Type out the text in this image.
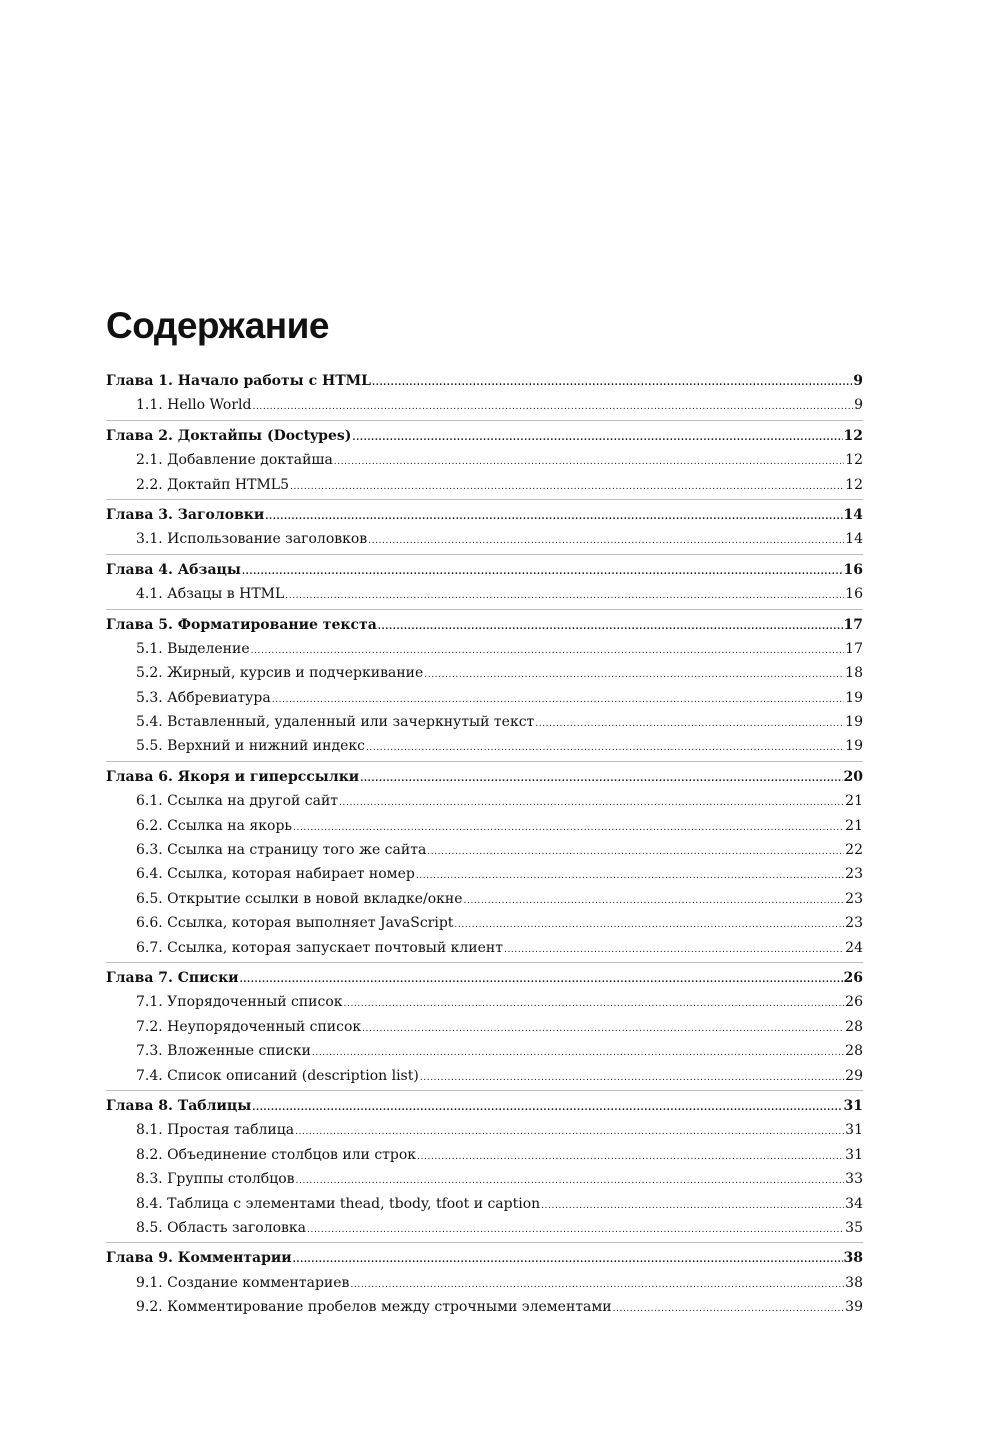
Содержание
Глава 1. Начало работы с HTML .....	9
1.1. Hello World .....	9
Глава 2. Доктайпы (Doctypes) .....	12
2.1. Добавление доктайша .....	12
2.2. Доктайп HTML5 .....	12
Глава 3. Заголовки .....	14
3.1. Использование заголовков .....	14
Глава 4. Абзацы .....	16
4.1. Абзацы в HTML .....	16
Глава 5. Форматирование текста .....	17
5.1. Выделение .....	17
5.2. Жирный, курсив и подчеркивание .....	18
5.3. Аббревиатура .....	19
5.4. Вставленный, удаленный или зачеркнутый текст .....	19
5.5. Верхний и нижний индекс .....	19
Глава 6. Якоря и гиперссылки .....	20
6.1. Ссылка на другой сайт .....	21
6.2. Ссылка на якорь .....	21
6.3. Ссылка на страницу того же сайта .....	22
6.4. Ссылка, которая набирает номер .....	23
6.5. Открытие ссылки в новой вкладке/окне .....	23
6.6. Ссылка, которая выполняет JavaScript .....	23
6.7. Ссылка, которая запускает почтовый клиент .....	24
Глава 7. Списки .....	26
7.1. Упорядоченный список .....	26
7.2. Неупорядоченный список .....	28
7.3. Вложенные списки .....	28
7.4. Список описаний (description list) .....	29
Глава 8. Таблицы .....	31
8.1. Простая таблица .....	31
8.2. Объединение столбцов или строк .....	31
8.3. Группы столбцов .....	33
8.4. Таблица с элементами thead, tbody, tfoot и caption .....	34
8.5. Область заголовка .....	35
Глава 9. Комментарии .....	38
9.1. Создание комментариев .....	38
9.2. Комментирование пробелов между строчными элементами .....	39
